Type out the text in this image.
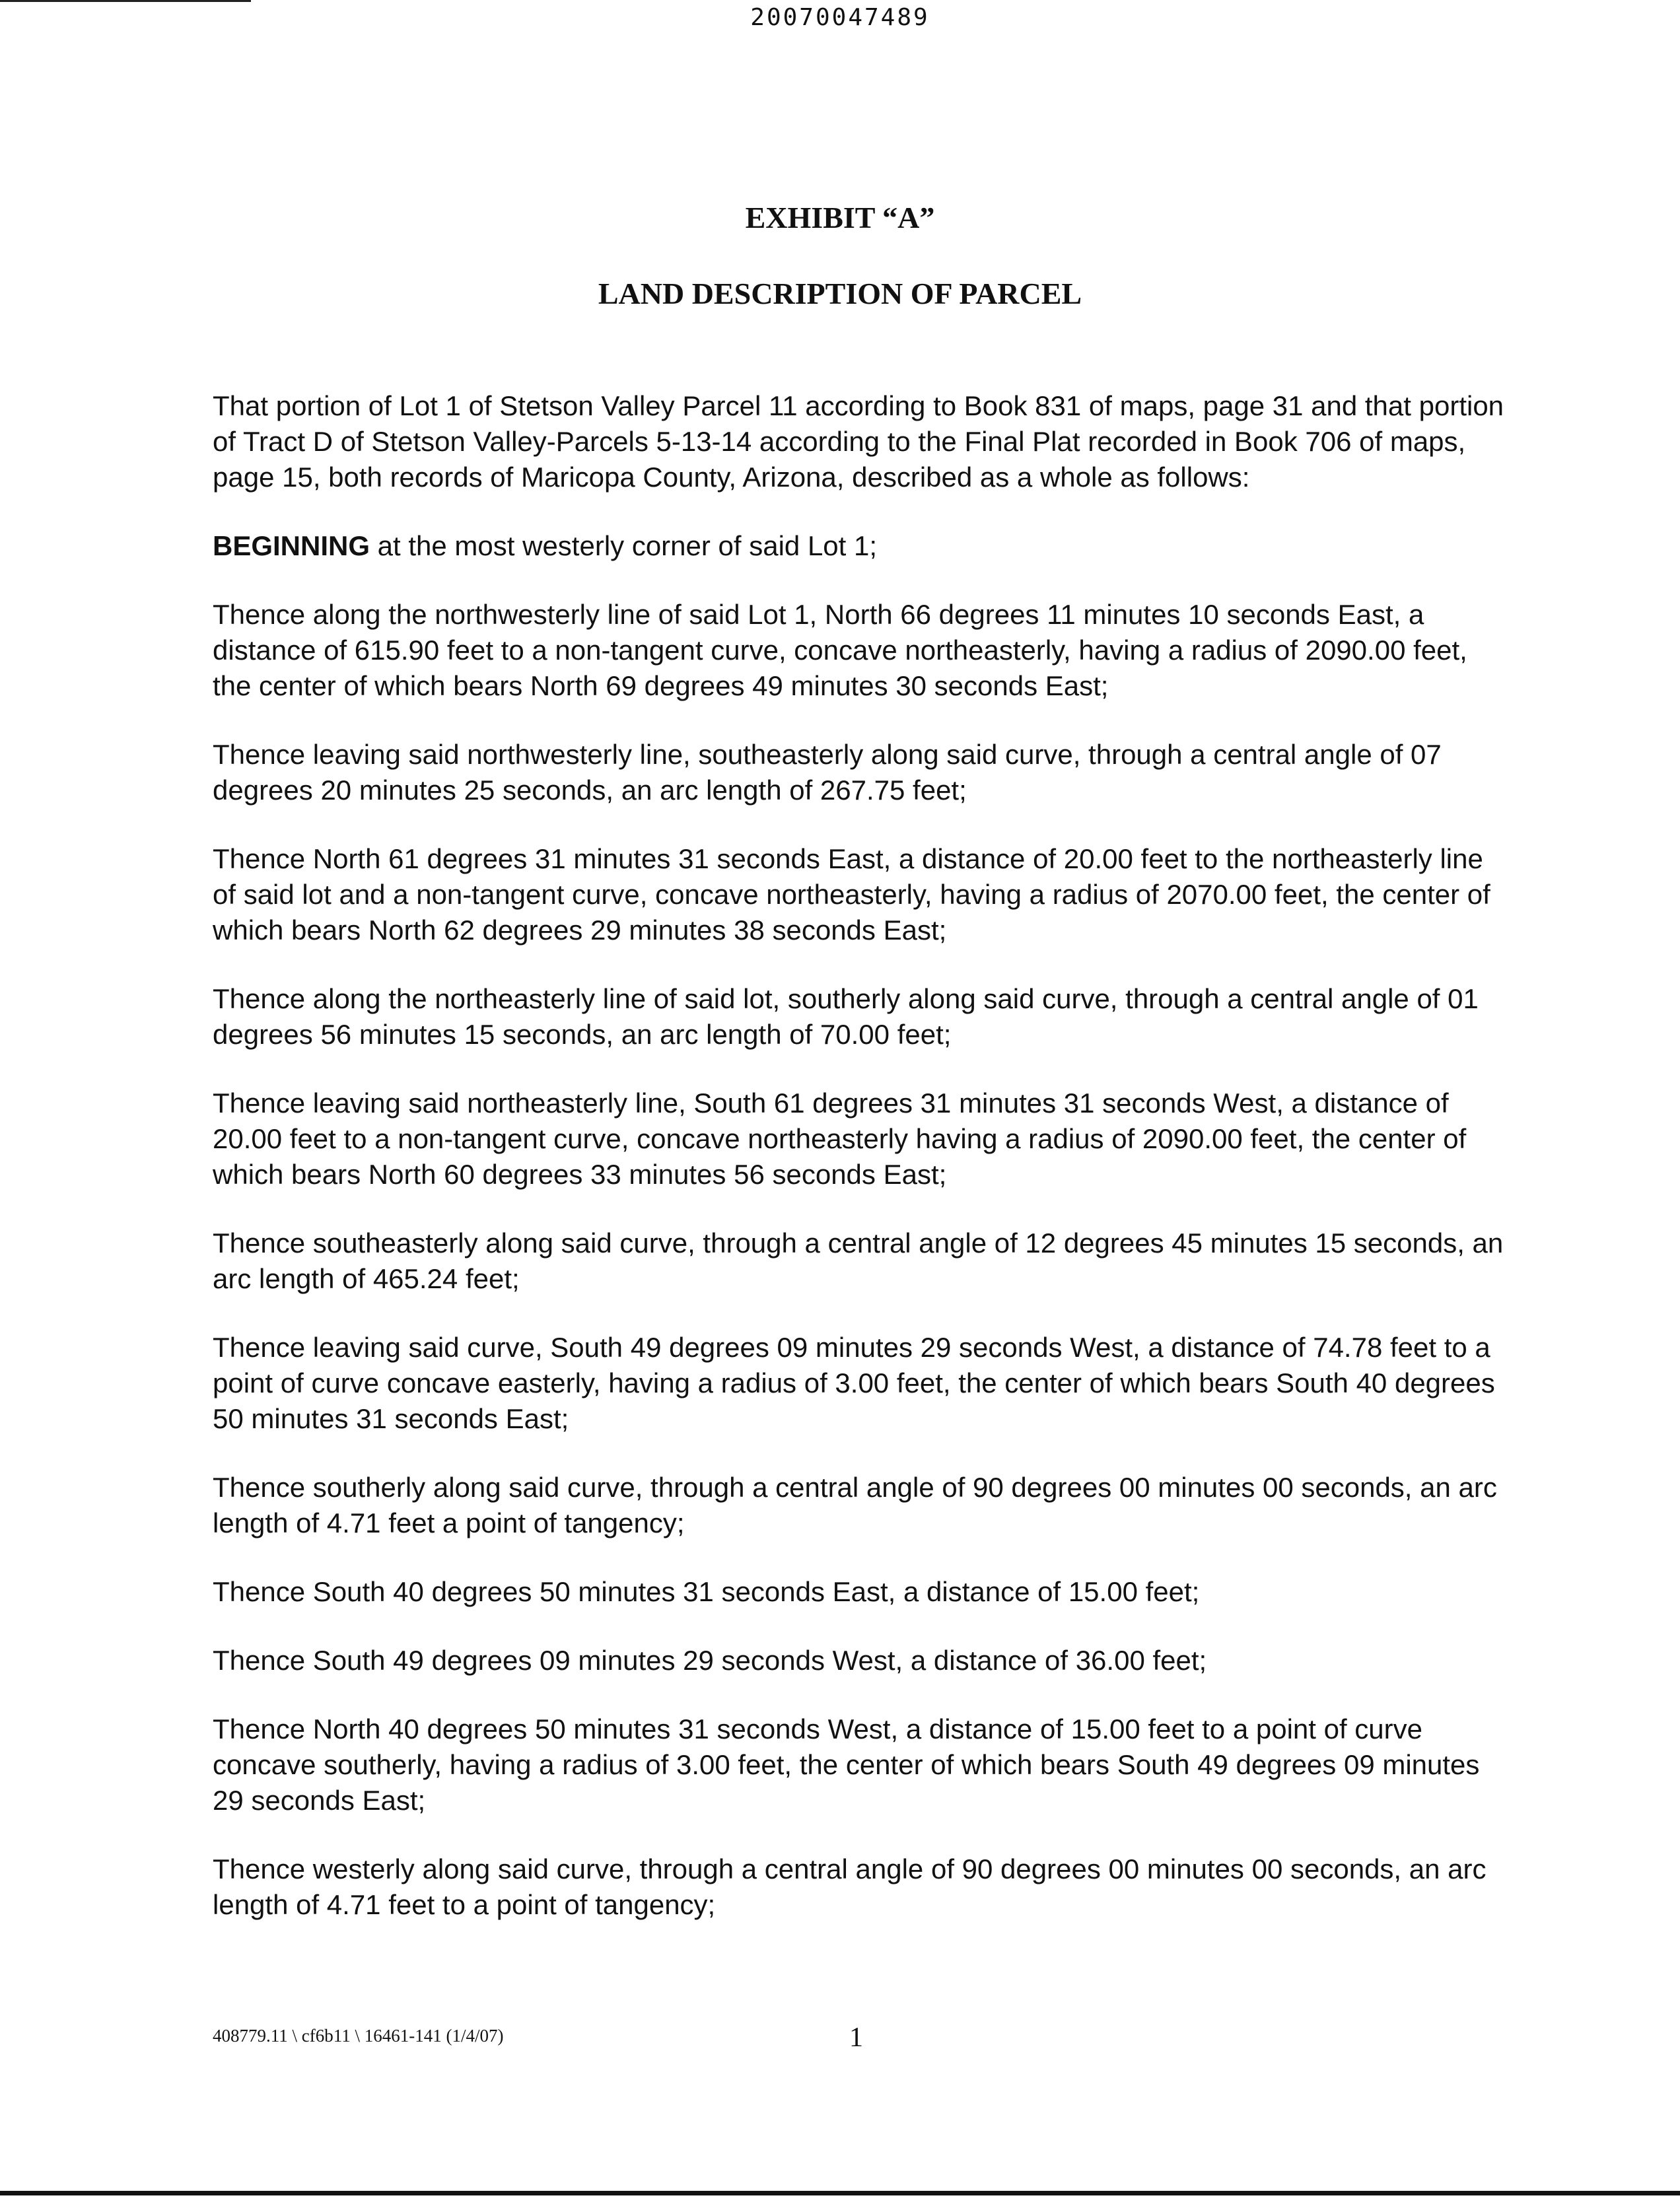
20070047489
EXHIBIT “A”
LAND DESCRIPTION OF PARCEL

That portion of Lot 1 of Stetson Valley Parcel 11 according to Book 831 of maps, page 31 and that portion of Tract D of Stetson Valley-Parcels 5-13-14 according to the Final Plat recorded in Book 706 of maps, page 15, both records of Maricopa County, Arizona, described as a whole as follows:

BEGINNING at the most westerly corner of said Lot 1;

Thence along the northwesterly line of said Lot 1, North 66 degrees 11 minutes 10 seconds East, a distance of 615.90 feet to a non-tangent curve, concave northeasterly, having a radius of 2090.00 feet, the center of which bears North 69 degrees 49 minutes 30 seconds East;

Thence leaving said northwesterly line, southeasterly along said curve, through a central angle of 07 degrees 20 minutes 25 seconds, an arc length of 267.75 feet;

Thence North 61 degrees 31 minutes 31 seconds East, a distance of 20.00 feet to the northeasterly line of said lot and a non-tangent curve, concave northeasterly, having a radius of 2070.00 feet, the center of which bears North 62 degrees 29 minutes 38 seconds East;

Thence along the northeasterly line of said lot, southerly along said curve, through a central angle of 01 degrees 56 minutes 15 seconds, an arc length of 70.00 feet;

Thence leaving said northeasterly line, South 61 degrees 31 minutes 31 seconds West, a distance of 20.00 feet to a non-tangent curve, concave northeasterly having a radius of 2090.00 feet, the center of which bears North 60 degrees 33 minutes 56 seconds East;

Thence southeasterly along said curve, through a central angle of 12 degrees 45 minutes 15 seconds, an arc length of 465.24 feet;

Thence leaving said curve, South 49 degrees 09 minutes 29 seconds West, a distance of 74.78 feet to a point of curve concave easterly, having a radius of 3.00 feet, the center of which bears South 40 degrees 50 minutes 31 seconds East;

Thence southerly along said curve, through a central angle of 90 degrees 00 minutes 00 seconds, an arc length of 4.71 feet a point of tangency;

Thence South 40 degrees 50 minutes 31 seconds East, a distance of 15.00 feet;

Thence South 49 degrees 09 minutes 29 seconds West, a distance of 36.00 feet;

Thence North 40 degrees 50 minutes 31 seconds West, a distance of 15.00 feet to a point of curve concave southerly, having a radius of 3.00 feet, the center of which bears South 49 degrees 09 minutes 29 seconds East;

Thence westerly along said curve, through a central angle of 90 degrees 00 minutes 00 seconds, an arc length of 4.71 feet to a point of tangency;

408779.11 \ cf6b11 \ 16461-141 (1/4/07)	1
